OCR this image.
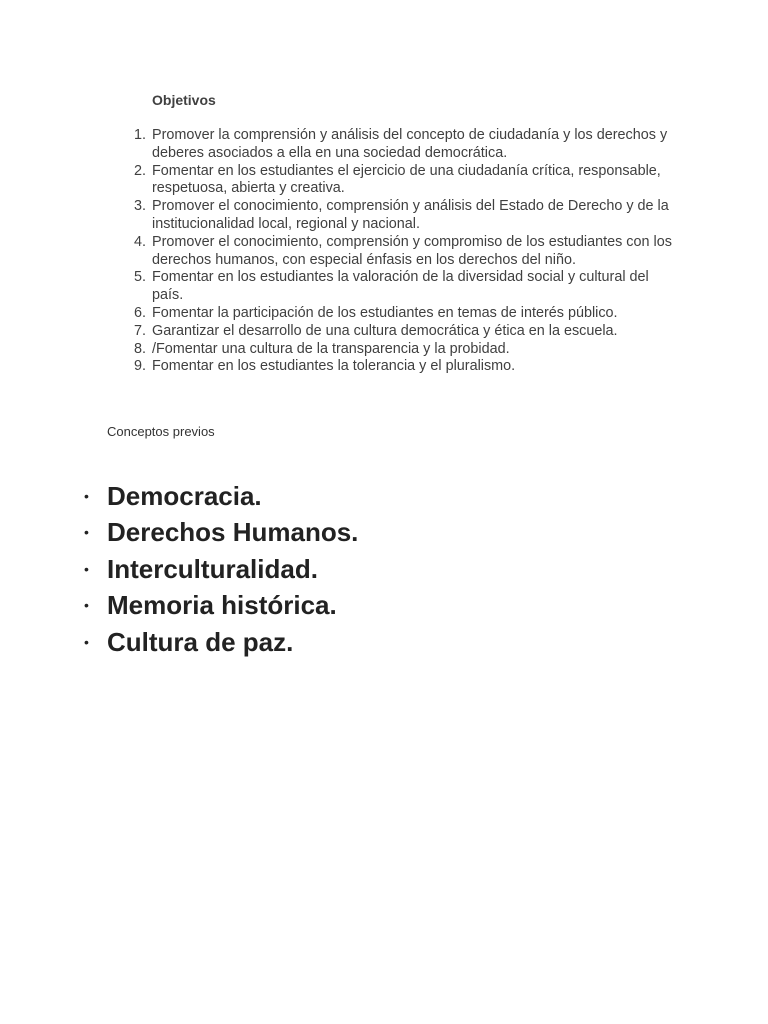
Objetivos
1. Promover la comprensión y análisis del concepto de ciudadanía y los derechos y deberes asociados a ella en una sociedad democrática.
2. Fomentar en los estudiantes el ejercicio de una ciudadanía crítica, responsable, respetuosa, abierta y creativa.
3. Promover el conocimiento, comprensión y análisis del Estado de Derecho y de la institucionalidad local, regional y nacional.
4. Promover el conocimiento, comprensión y compromiso de los estudiantes con los derechos humanos, con especial énfasis en los derechos del niño.
5. Fomentar en los estudiantes la valoración de la diversidad social y cultural del país.
6. Fomentar la participación de los estudiantes en temas de interés público.
7. Garantizar el desarrollo de una cultura democrática y ética en la escuela.
8. /Fomentar una cultura de la transparencia y la probidad.
9. Fomentar en los estudiantes la tolerancia y el pluralismo.

Conceptos previos

• Democracia.
• Derechos Humanos.
• Interculturalidad.
• Memoria histórica.
• Cultura de paz.
